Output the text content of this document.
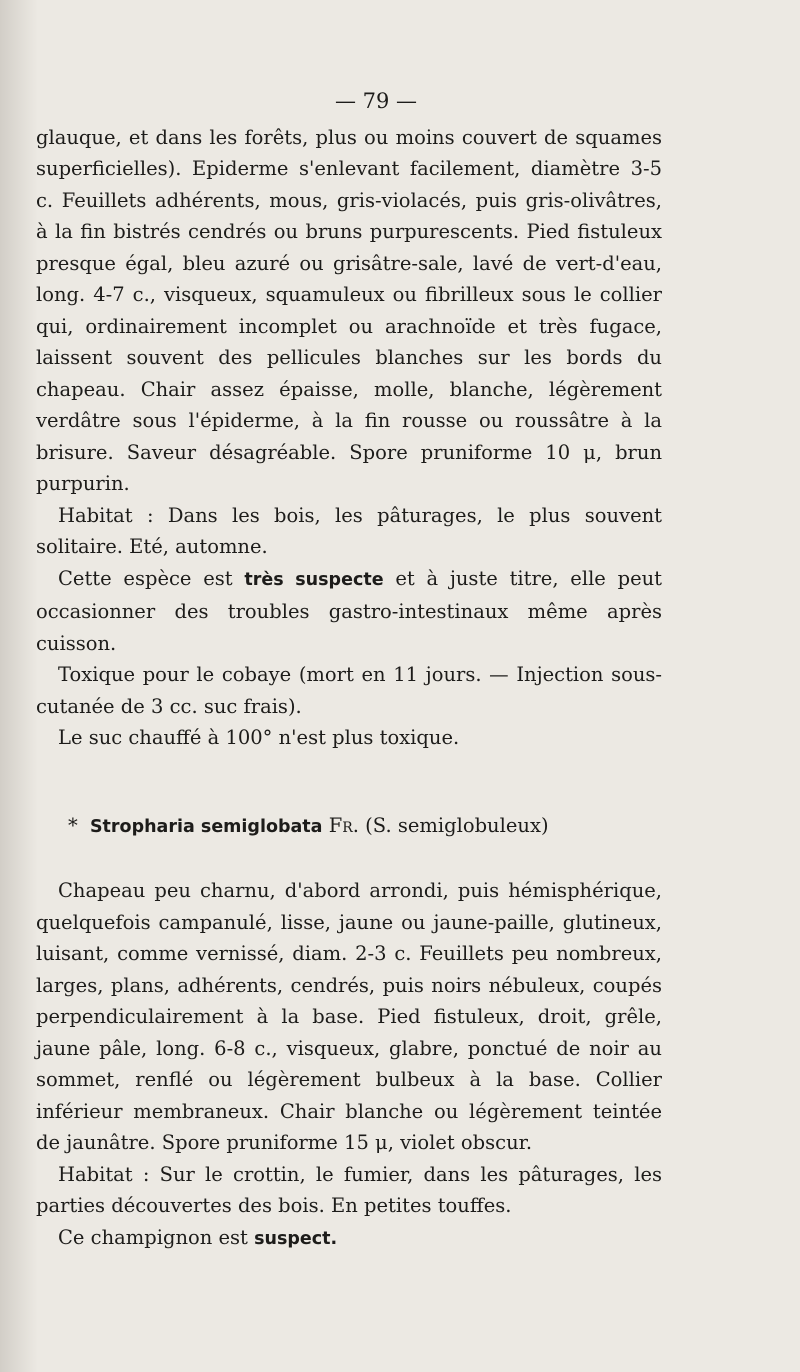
— 79 —

glauque, et dans les forêts, plus ou moins couvert de squames superficielles). Epiderme s'enlevant facilement, diamètre 3-5 c. Feuillets adhérents, mous, gris-violacés, puis gris-olivâtres, à la fin bistrés cendrés ou bruns purpurescents. Pied fistuleux presque égal, bleu azuré ou grisâtre-sale, lavé de vert-d'eau, long. 4-7 c., visqueux, squamuleux ou fibrilleux sous le collier qui, ordinairement incomplet ou arachnoïde et très fugace, laissent souvent des pellicules blanches sur les bords du chapeau. Chair assez épaisse, molle, blanche, légèrement verdâtre sous l'épiderme, à la fin rousse ou roussâtre à la brisure. Saveur désagréable. Spore pruniforme 10 μ, brun purpurin.

Habitat : Dans les bois, les pâturages, le plus souvent solitaire. Eté, automne.

Cette espèce est très suspecte et à juste titre, elle peut occasionner des troubles gastro-intestinaux même après cuisson.

Toxique pour le cobaye (mort en 11 jours. — Injection sous-cutanée de 3 cc. suc frais).

Le suc chauffé à 100° n'est plus toxique.

* Stropharia semiglobata Fr. (S. semiglobuleux)

Chapeau peu charnu, d'abord arrondi, puis hémisphérique, quelquefois campanulé, lisse, jaune ou jaune-paille, glutineux, luisant, comme vernissé, diam. 2-3 c. Feuillets peu nombreux, larges, plans, adhérents, cendrés, puis noirs nébuleux, coupés perpendiculairement à la base. Pied fistuleux, droit, grêle, jaune pâle, long. 6-8 c., visqueux, glabre, ponctué de noir au sommet, renflé ou légèrement bulbeux à la base. Collier inférieur membraneux. Chair blanche ou légèrement teintée de jaunâtre. Spore pruniforme 15 μ, violet obscur.

Habitat : Sur le crottin, le fumier, dans les pâturages, les parties découvertes des bois. En petites touffes.

Ce champignon est suspect.
